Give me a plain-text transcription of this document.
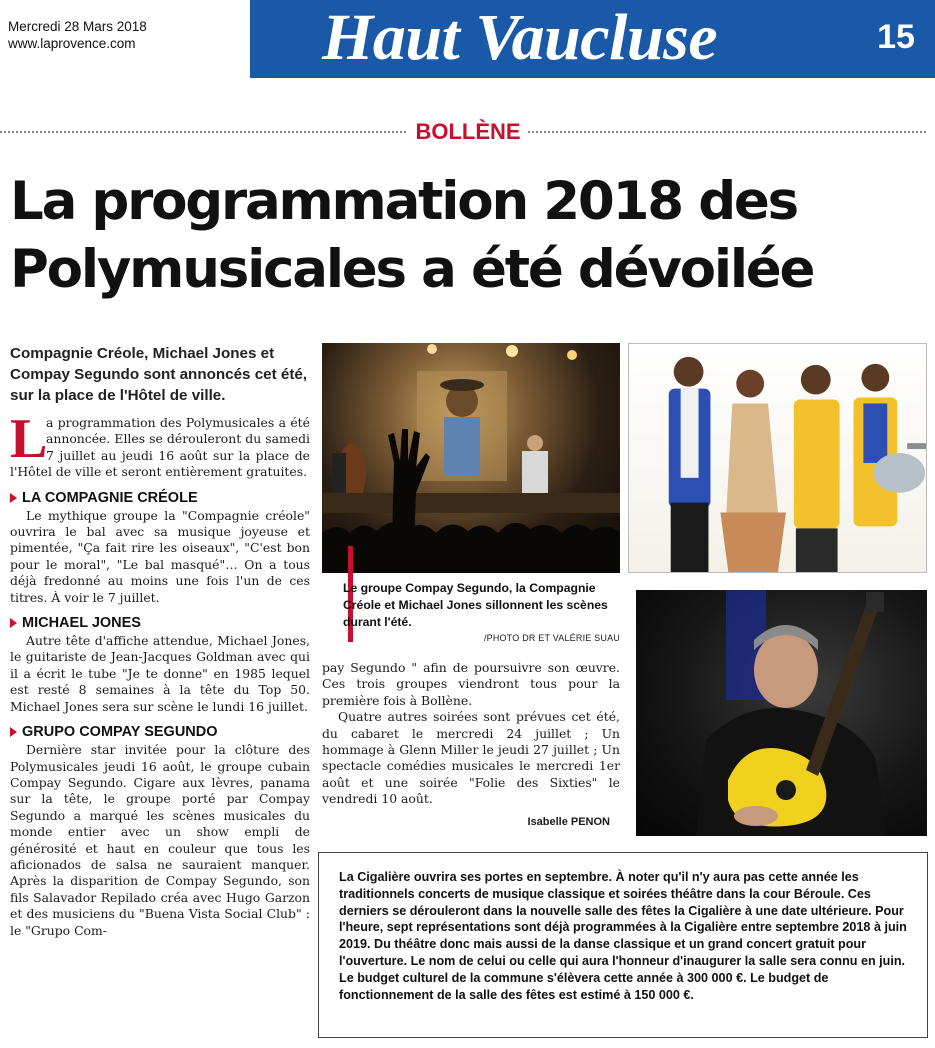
Mercredi 28 Mars 2018
www.laprovence.com	Haut Vaucluse	15
BOLLÈNE
La programmation 2018 des Polymusicales a été dévoilée
Compagnie Créole, Michael Jones et Compay Segundo sont annoncés cet été, sur la place de l'Hôtel de ville.
L

a programmation des Polymusicales a été annoncée. Elles se dérouleront du samedi 7 juillet au jeudi 16 août sur la place de l'Hôtel de ville et seront entièrement gratuites.

LA COMPAGNIE CRÉOLE

Le mythique groupe la "Compagnie créole" ouvrira le bal avec sa musique joyeuse et pimentée, "Ça fait rire les oiseaux", "C'est bon pour le moral", "Le bal masqué"… On a tous déjà fredonné au moins une fois l'un de ces titres. À voir le 7 juillet.

MICHAEL JONES

Autre tête d'affiche attendue, Michael Jones, le guitariste de Jean-Jacques Goldman avec qui il a écrit le tube "Je te donne" en 1985 lequel est resté 8 semaines à la tête du Top 50. Michael Jones sera sur scène le lundi 16 juillet.

GRUPO COMPAY SEGUNDO

Dernière star invitée pour la clôture des Polymusicales jeudi 16 août, le groupe cubain Compay Segundo. Cigare aux lèvres, panama sur la tête, le groupe porté par Compay Segundo a marqué les scènes musicales du monde entier avec un show empli de générosité et haut en couleur que tous les aficionados de salsa ne sauraient manquer. Après la disparition de Compay Segundo, son fils Salavador Repilado créa avec Hugo Garzon et des musiciens du "Buena Vista Social Club" : le "Grupo Com-

Le groupe Compay Segundo, la Compagnie Créole et Michael Jones sillonnent les scènes durant l'été.
/PHOTO DR ET VALÉRIE SUAU

pay Segundo " afin de poursuivre son œuvre. Ces trois groupes viendront tous pour la première fois à Bollène.

Quatre autres soirées sont prévues cet été, du cabaret le mercredi 24 juillet ; Un hommage à Glenn Miller le jeudi 27 juillet ; Un spectacle comédies musicales le mercredi 1er août et une soirée "Folie des Sixties" le vendredi 10 août.

Isabelle PENON

La Cigalière ouvrira ses portes en septembre. À noter qu'il n'y aura pas cette année les traditionnels concerts de musique classique et soirées théâtre dans la cour Béroule. Ces derniers se dérouleront dans la nouvelle salle des fêtes la Cigalière à une date ultérieure. Pour l'heure, sept représentations sont déjà programmées à la Cigalière entre septembre 2018 à juin 2019. Du théâtre donc mais aussi de la danse classique et un grand concert gratuit pour l'ouverture. Le nom de celui ou celle qui aura l'honneur d'inaugurer la salle sera connu en juin.

Le budget culturel de la commune s'élèvera cette année à 300 000 €. Le budget de fonctionnement de la salle des fêtes est estimé à 150 000 €.
